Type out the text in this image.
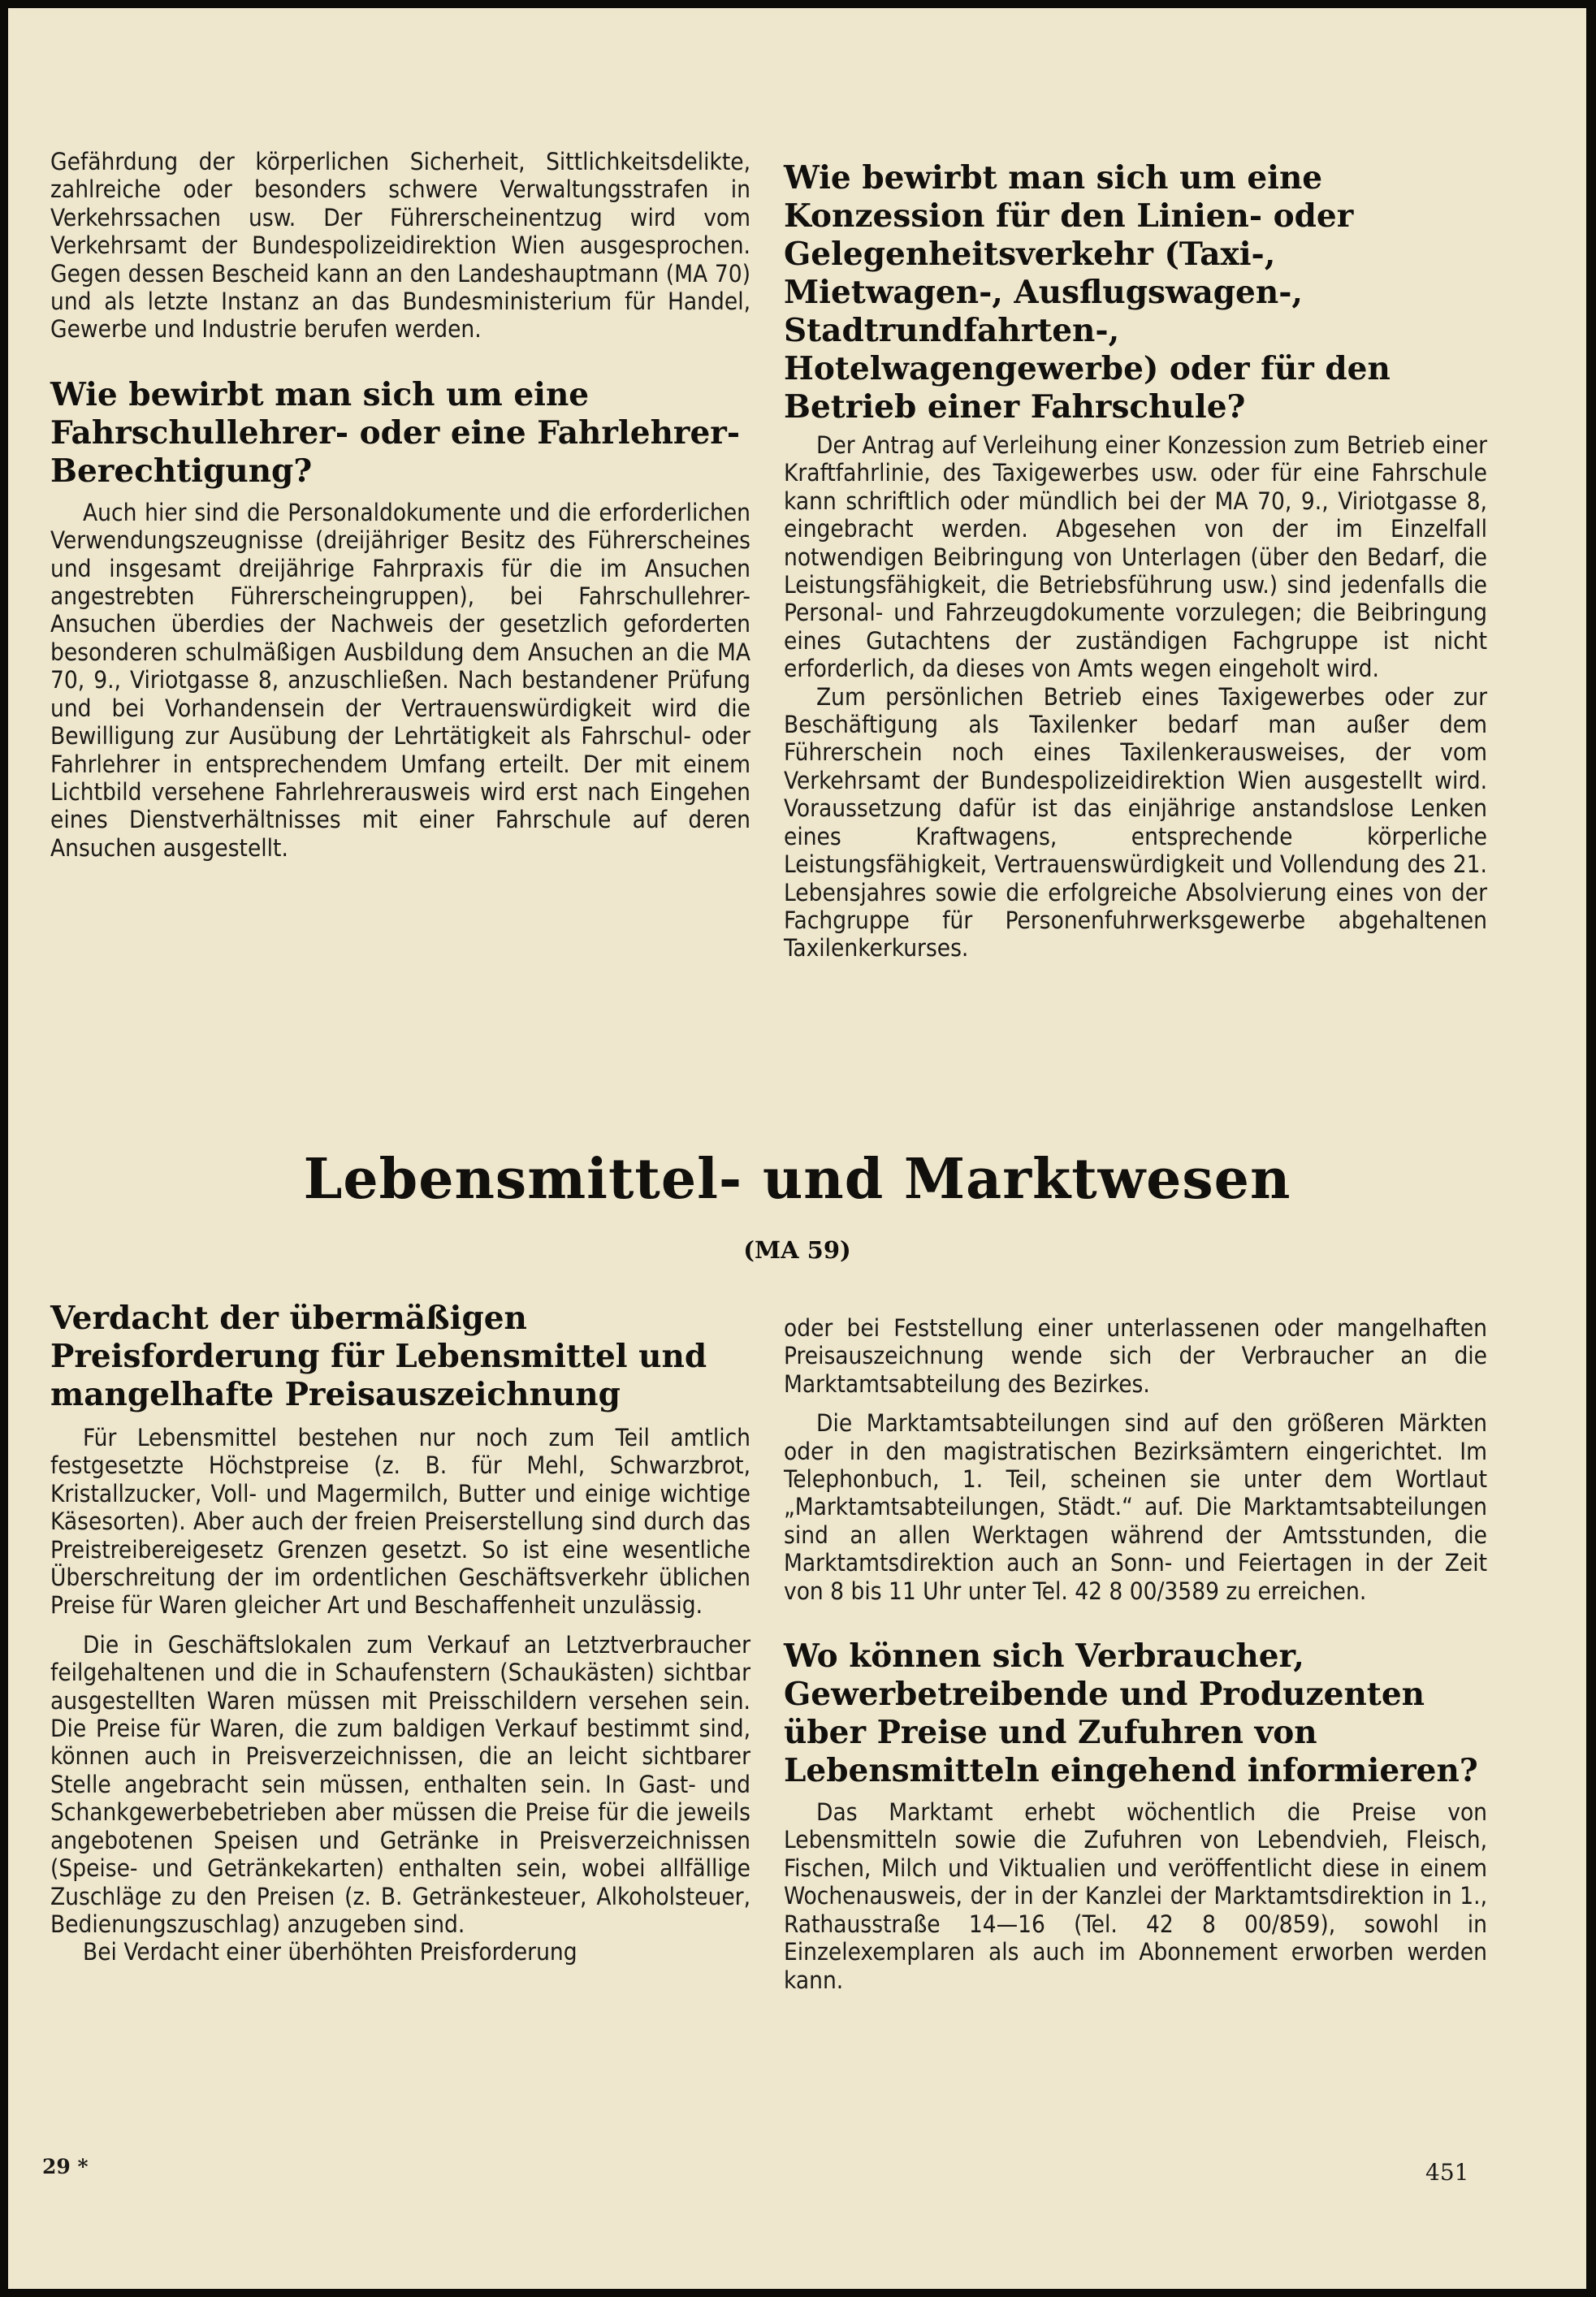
Gefährdung der körperlichen Sicherheit, Sittlichkeitsdelikte, zahlreiche oder besonders schwere Verwaltungsstrafen in Verkehrssachen usw. Der Führerscheinentzug wird vom Verkehrsamt der Bundespolizeidirektion Wien ausgesprochen. Gegen dessen Bescheid kann an den Landeshauptmann (MA 70) und als letzte Instanz an das Bundesministerium für Handel, Gewerbe und Industrie berufen werden.

Wie bewirbt man sich um eine Fahrschullehrer- oder eine Fahrlehrer-Berechtigung?

Auch hier sind die Personaldokumente und die erforderlichen Verwendungszeugnisse (dreijähriger Besitz des Führerscheines und insgesamt dreijährige Fahrpraxis für die im Ansuchen angestrebten Führerscheingruppen), bei Fahrschullehrer-Ansuchen überdies der Nachweis der gesetzlich geforderten besonderen schulmäßigen Ausbildung dem Ansuchen an die MA 70, 9., Viriotgasse 8, anzuschließen. Nach bestandener Prüfung und bei Vorhandensein der Vertrauenswürdigkeit wird die Bewilligung zur Ausübung der Lehrtätigkeit als Fahrschul- oder Fahrlehrer in entsprechendem Umfang erteilt. Der mit einem Lichtbild versehene Fahrlehrerausweis wird erst nach Eingehen eines Dienstverhältnisses mit einer Fahrschule auf deren Ansuchen ausgestellt.

Wie bewirbt man sich um eine Konzession für den Linien- oder Gelegenheitsverkehr (Taxi-, Mietwagen-, Ausflugswagen-, Stadtrundfahrten-, Hotelwagengewerbe) oder für den Betrieb einer Fahrschule?

Der Antrag auf Verleihung einer Konzession zum Betrieb einer Kraftfahrlinie, des Taxigewerbes usw. oder für eine Fahrschule kann schriftlich oder mündlich bei der MA 70, 9., Viriotgasse 8, eingebracht werden. Abgesehen von der im Einzelfall notwendigen Beibringung von Unterlagen (über den Bedarf, die Leistungsfähigkeit, die Betriebsführung usw.) sind jedenfalls die Personal- und Fahrzeugdokumente vorzulegen; die Beibringung eines Gutachtens der zuständigen Fachgruppe ist nicht erforderlich, da dieses von Amts wegen eingeholt wird.

Zum persönlichen Betrieb eines Taxigewerbes oder zur Beschäftigung als Taxilenker bedarf man außer dem Führerschein noch eines Taxilenkerausweises, der vom Verkehrsamt der Bundespolizeidirektion Wien ausgestellt wird. Voraussetzung dafür ist das einjährige anstandslose Lenken eines Kraftwagens, entsprechende körperliche Leistungsfähigkeit, Vertrauenswürdigkeit und Vollendung des 21. Lebensjahres sowie die erfolgreiche Absolvierung eines von der Fachgruppe für Personenfuhrwerksgewerbe abgehaltenen Taxilenkerkurses.

Lebensmittel- und Marktwesen
(MA 59)
Verdacht der übermäßigen Preisforderung für Lebensmittel und mangelhafte Preisauszeichnung

Für Lebensmittel bestehen nur noch zum Teil amtlich festgesetzte Höchstpreise (z. B. für Mehl, Schwarzbrot, Kristallzucker, Voll- und Magermilch, Butter und einige wichtige Käsesorten). Aber auch der freien Preiserstellung sind durch das Preistreibereigesetz Grenzen gesetzt. So ist eine wesentliche Überschreitung der im ordentlichen Geschäftsverkehr üblichen Preise für Waren gleicher Art und Beschaffenheit unzulässig.

Die in Geschäftslokalen zum Verkauf an Letztverbraucher feilgehaltenen und die in Schaufenstern (Schaukästen) sichtbar ausgestellten Waren müssen mit Preisschildern versehen sein. Die Preise für Waren, die zum baldigen Verkauf bestimmt sind, können auch in Preisverzeichnissen, die an leicht sichtbarer Stelle angebracht sein müssen, enthalten sein. In Gast- und Schankgewerbebetrieben aber müssen die Preise für die jeweils angebotenen Speisen und Getränke in Preisverzeichnissen (Speise- und Getränkekarten) enthalten sein, wobei allfällige Zuschläge zu den Preisen (z. B. Getränkesteuer, Alkoholsteuer, Bedienungszuschlag) anzugeben sind.

Bei Verdacht einer überhöhten Preisforderung

oder bei Feststellung einer unterlassenen oder mangelhaften Preisauszeichnung wende sich der Verbraucher an die Marktamtsabteilung des Bezirkes.

Die Marktamtsabteilungen sind auf den größeren Märkten oder in den magistratischen Bezirksämtern eingerichtet. Im Telephonbuch, 1. Teil, scheinen sie unter dem Wortlaut „Marktamtsabteilungen, Städt.“ auf. Die Marktamtsabteilungen sind an allen Werktagen während der Amtsstunden, die Marktamtsdirektion auch an Sonn- und Feiertagen in der Zeit von 8 bis 11 Uhr unter Tel. 42 8 00/3589 zu erreichen.

Wo können sich Verbraucher, Gewerbetreibende und Produzenten über Preise und Zufuhren von Lebensmitteln eingehend informieren?

Das Marktamt erhebt wöchentlich die Preise von Lebensmitteln sowie die Zufuhren von Lebendvieh, Fleisch, Fischen, Milch und Viktualien und veröffentlicht diese in einem Wochenausweis, der in der Kanzlei der Marktamtsdirektion in 1., Rathausstraße 14—16 (Tel. 42 8 00/859), sowohl in Einzelexemplaren als auch im Abonnement erworben werden kann.

29 *	451
